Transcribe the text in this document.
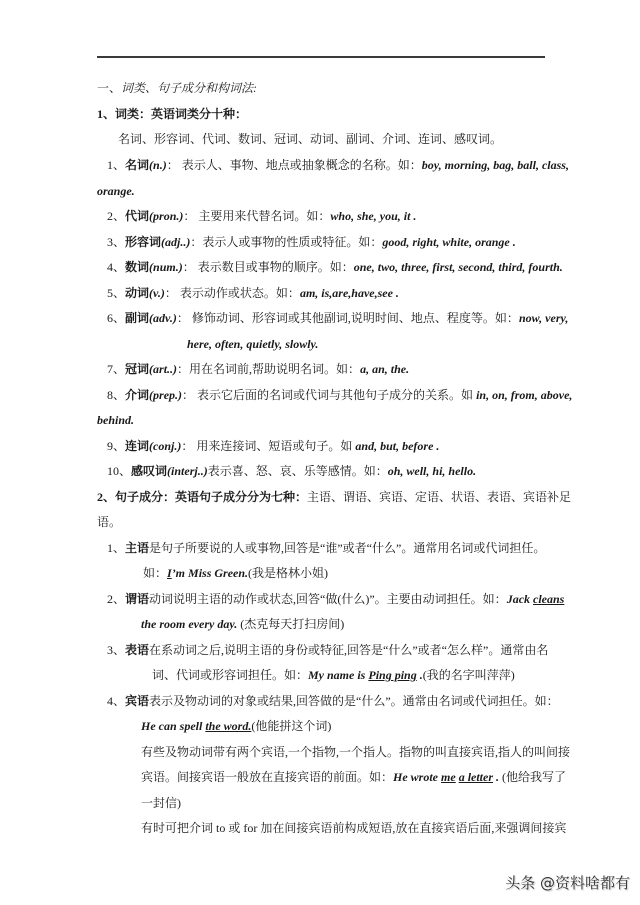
一、词类、句子成分和构词法:
1、词类：英语词类分十种：
名词、形容词、代词、数词、冠词、动词、副词、介词、连词、感叹词。
1、名词(n.)： 表示人、事物、地点或抽象概念的名称。如：boy, morning, bag, ball, class,
orange.
2、代词(pron.)： 主要用来代替名词。如：who, she, you, it .
3、形容词(adj..)：表示人或事物的性质或特征。如：good, right, white, orange .
4、数词(num.)： 表示数目或事物的顺序。如：one, two, three, first, second, third, fourth.
5、动词(v.)： 表示动作或状态。如：am, is,are,have,see .
6、副词(adv.)： 修饰动词、形容词或其他副词,说明时间、地点、程度等。如：now, very,
here, often, quietly, slowly.
7、冠词(art..)：用在名词前,帮助说明名词。如：a, an, the.
8、介词(prep.)： 表示它后面的名词或代词与其他句子成分的关系。如 in, on, from, above,
behind.
9、连词(conj.)： 用来连接词、短语或句子。如 and, but, before .
10、感叹词(interj..)表示喜、怒、哀、乐等感情。如：oh, well, hi, hello.
2、句子成分：英语句子成分分为七种：主语、谓语、宾语、定语、状语、表语、宾语补足
语。
1、主语是句子所要说的人或事物,回答是“谁”或者“什么”。通常用名词或代词担任。
如：I’m Miss Green.(我是格林小姐)
2、谓语动词说明主语的动作或状态,回答“做(什么)”。主要由动词担任。如：Jack cleans
the room every day. (杰克每天打扫房间)
3、表语在系动词之后,说明主语的身份或特征,回答是“什么”或者“怎么样”。通常由名
词、代词或形容词担任。如：My name is Ping ping .(我的名字叫萍萍)
4、宾语表示及物动词的对象或结果,回答做的是“什么”。通常由名词或代词担任。如：
He can spell the word.(他能拼这个词)
有些及物动词带有两个宾语,一个指物,一个指人。指物的叫直接宾语,指人的叫间接
宾语。间接宾语一般放在直接宾语的前面。如：He wrote me a letter . (他给我写了
一封信)
有时可把介词 to 或 for 加在间接宾语前构成短语,放在直接宾语后面,来强调间接宾
头条 @资料啥都有
